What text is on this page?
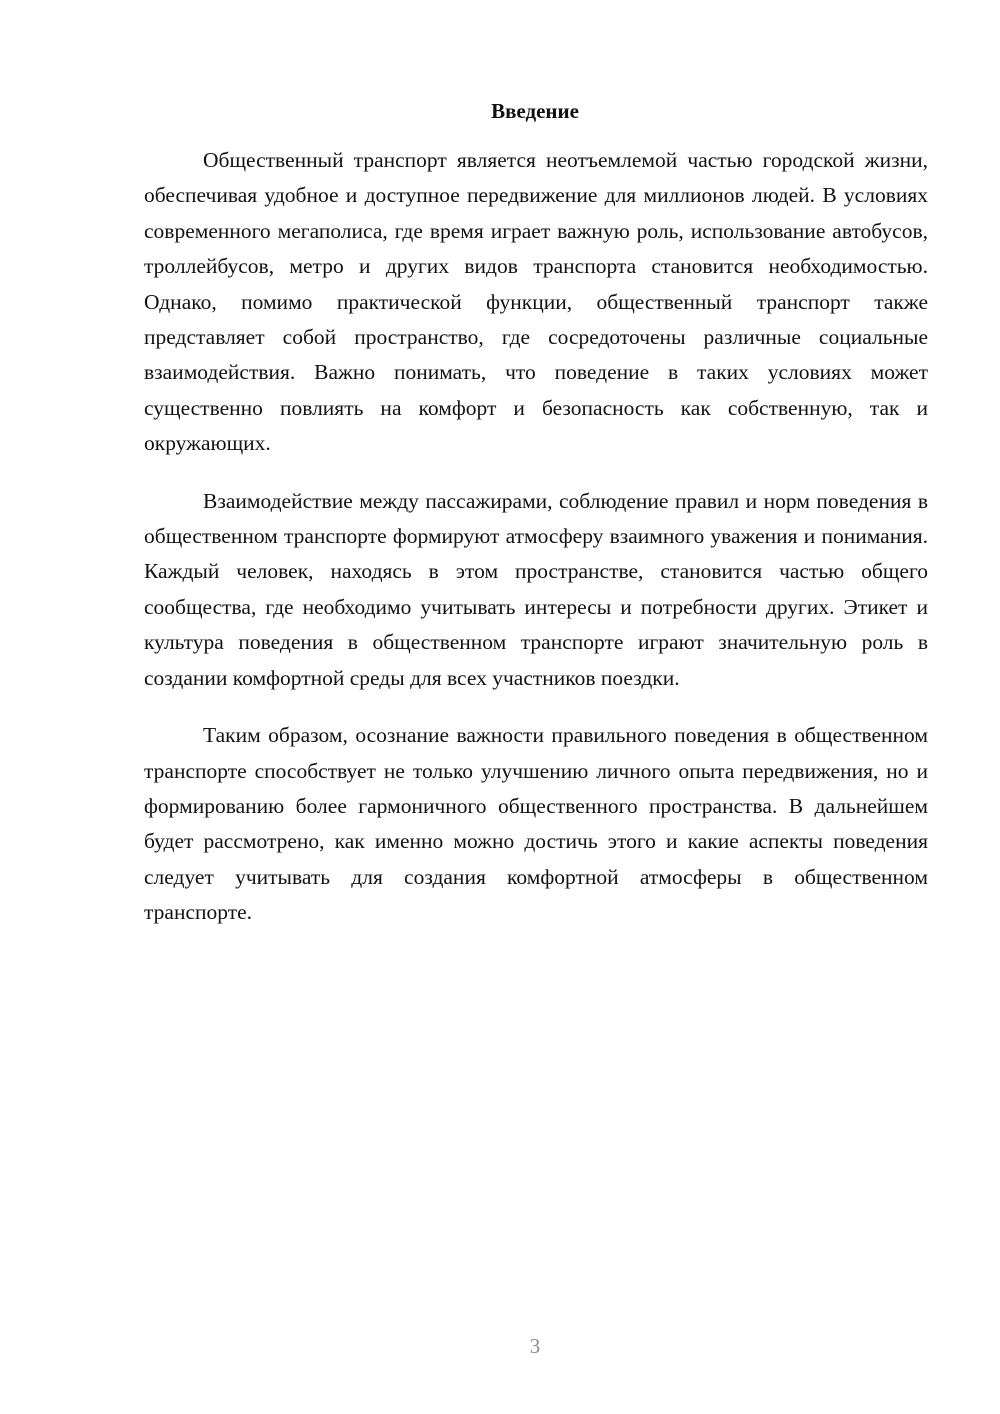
Введение

Общественный транспорт является неотъемлемой частью городской жизни, обеспечивая удобное и доступное передвижение для миллионов людей. В условиях современного мегаполиса, где время играет важную роль, использование автобусов, троллейбусов, метро и других видов транспорта становится необходимостью. Однако, помимо практической функции, общественный транспорт также представляет собой пространство, где сосредоточены различные социальные взаимодействия. Важно понимать, что поведение в таких условиях может существенно повлиять на комфорт и безопасность как собственную, так и окружающих.

Взаимодействие между пассажирами, соблюдение правил и норм поведения в общественном транспорте формируют атмосферу взаимного уважения и понимания. Каждый человек, находясь в этом пространстве, становится частью общего сообщества, где необходимо учитывать интересы и потребности других. Этикет и культура поведения в общественном транспорте играют значительную роль в создании комфортной среды для всех участников поездки.

Таким образом, осознание важности правильного поведения в общественном транспорте способствует не только улучшению личного опыта передвижения, но и формированию более гармоничного общественного пространства. В дальнейшем будет рассмотрено, как именно можно достичь этого и какие аспекты поведения следует учитывать для создания комфортной атмосферы в общественном транспорте.

3
